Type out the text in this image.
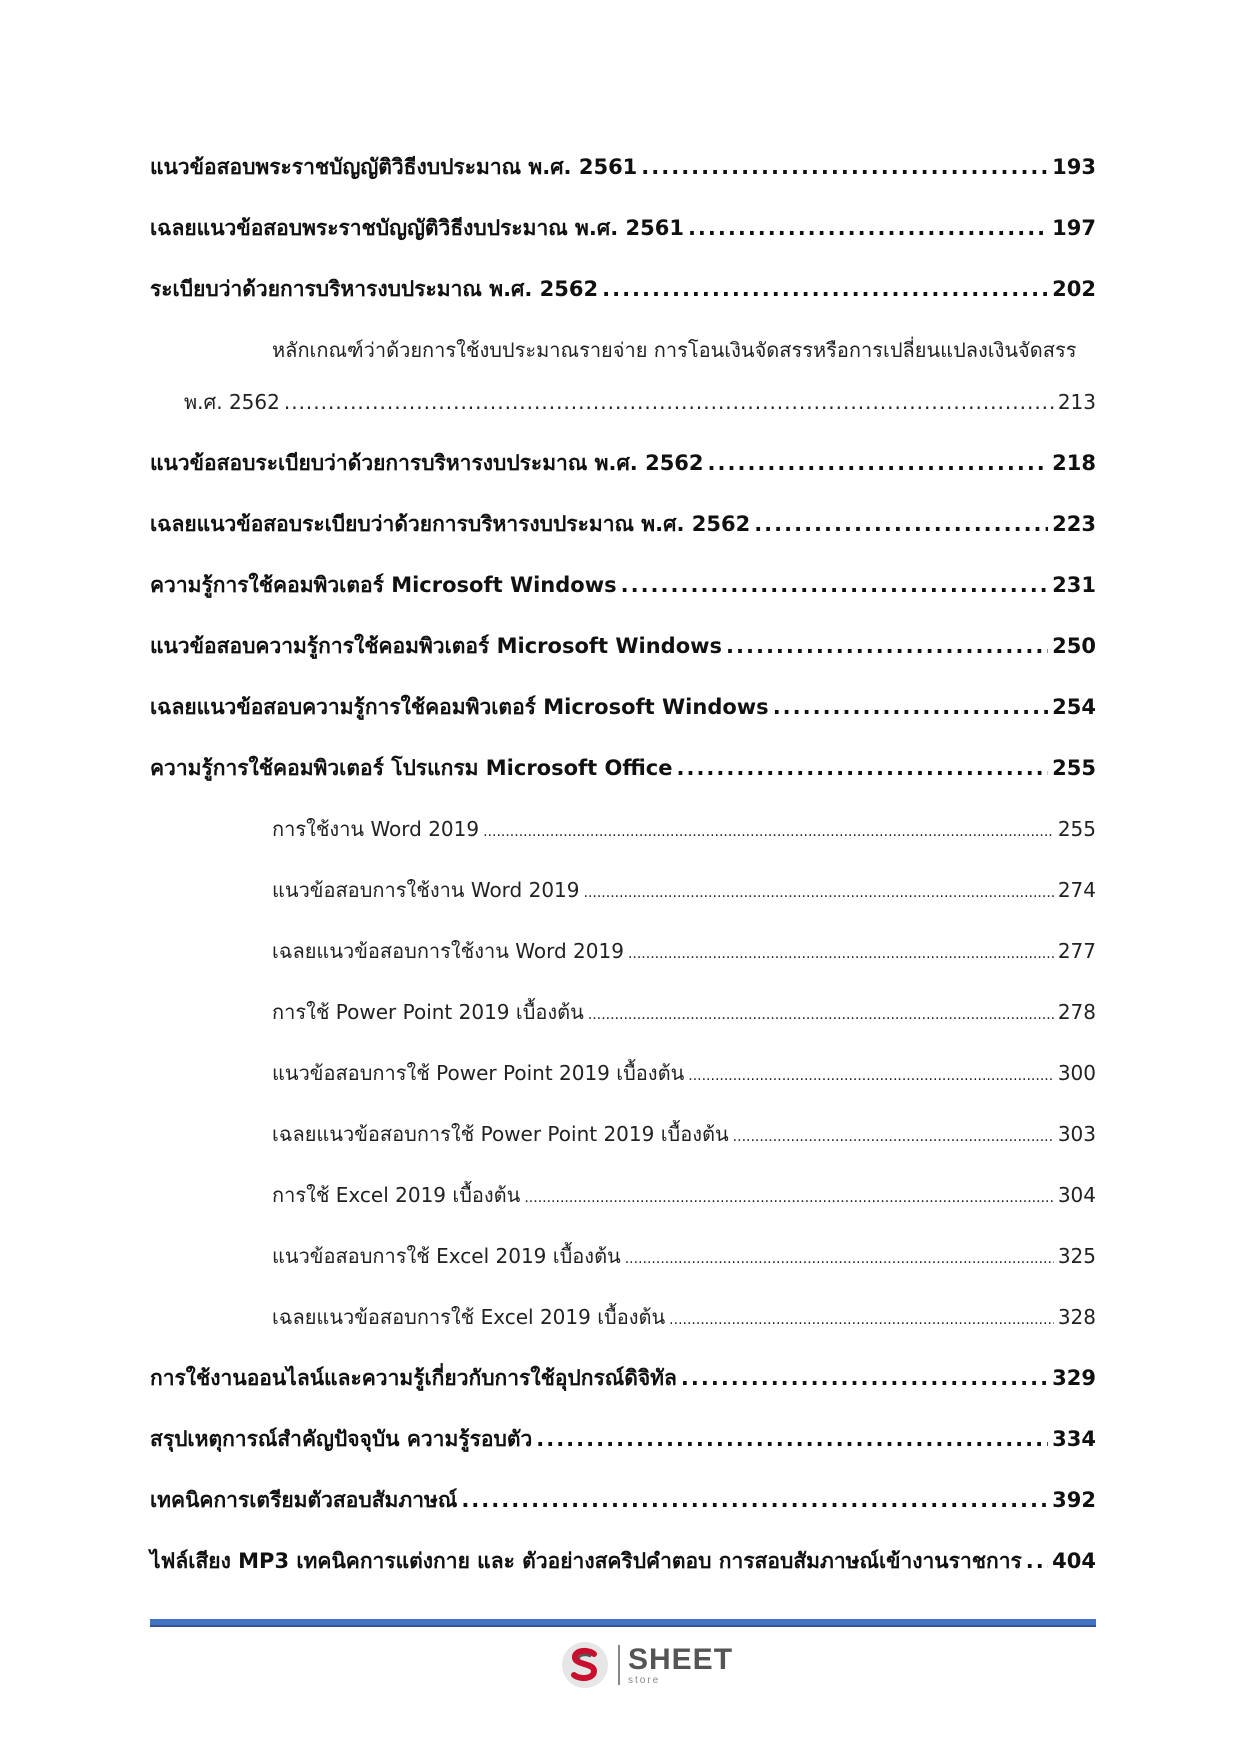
แนวข้อสอบพระราชบัญญัติวิธีงบประมาณ พ.ศ. 2561 .....	193
เฉลยแนวข้อสอบพระราชบัญญัติวิธีงบประมาณ พ.ศ. 2561 .....	197
ระเบียบว่าด้วยการบริหารงบประมาณ พ.ศ. 2562 .....	202
หลักเกณฑ์ว่าด้วยการใช้งบประมาณรายจ่าย การโอนเงินจัดสรรหรือการเปลี่ยนแปลงเงินจัดสรร
พ.ศ. 2562 .....	213
แนวข้อสอบระเบียบว่าด้วยการบริหารงบประมาณ พ.ศ. 2562 .....	218
เฉลยแนวข้อสอบระเบียบว่าด้วยการบริหารงบประมาณ พ.ศ. 2562 .....	223
ความรู้การใช้คอมพิวเตอร์ Microsoft Windows .....	231
แนวข้อสอบความรู้การใช้คอมพิวเตอร์ Microsoft Windows .....	250
เฉลยแนวข้อสอบความรู้การใช้คอมพิวเตอร์ Microsoft Windows .....	254
ความรู้การใช้คอมพิวเตอร์ โปรแกรม Microsoft Office .....	255
การใช้งาน Word 2019 .....	255
แนวข้อสอบการใช้งาน Word 2019 .....	274
เฉลยแนวข้อสอบการใช้งาน Word 2019 .....	277
การใช้ Power Point 2019 เบื้องต้น .....	278
แนวข้อสอบการใช้ Power Point 2019 เบื้องต้น .....	300
เฉลยแนวข้อสอบการใช้ Power Point 2019 เบื้องต้น .....	303
การใช้ Excel 2019 เบื้องต้น .....	304
แนวข้อสอบการใช้ Excel 2019 เบื้องต้น .....	325
เฉลยแนวข้อสอบการใช้ Excel 2019 เบื้องต้น .....	328
การใช้งานออนไลน์และความรู้เกี่ยวกับการใช้อุปกรณ์ดิจิทัล .....	329
สรุปเหตุการณ์สำคัญปัจจุบัน ความรู้รอบตัว .....	334
เทคนิคการเตรียมตัวสอบสัมภาษณ์ .....	392
ไฟล์เสียง MP3 เทคนิคการแต่งกาย และ ตัวอย่างสคริปคำตอบ การสอบสัมภาษณ์เข้างานราชการ ..... 404
SHEET
store
